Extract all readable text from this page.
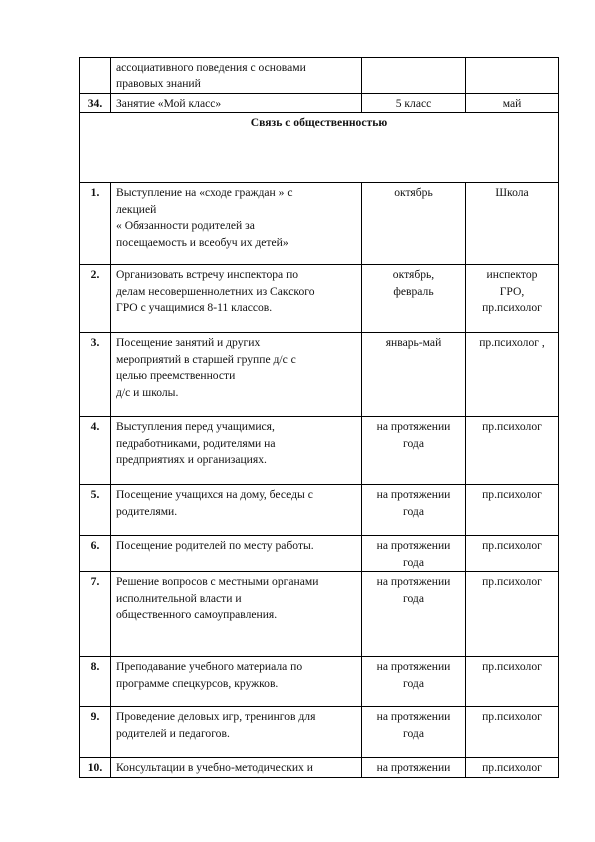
	ассоциативного поведения с основами
правовых знаний		

34.	Занятие «Мой класс»	5 класс	май

Связь с общественностью			
1.	Выступление на «сходе граждан » с
лекцией
« Обязанности родителей за
посещаемость и всеобуч их детей»	октябрь	Школа

2.	Организовать встречу инспектора по
делам несовершеннолетних из Сакского
ГРО с учащимися 8-11 классов.	октябрь,
февраль	инспектор
ГРО,
пр.психолог

3.	Посещение занятий и других
мероприятий в старшей группе д/с с
целью преемственности
д/с и школы.	январь-май	пр.психолог ,

4.	Выступления перед учащимися,
педработниками, родителями на
предприятиях и организациях.	на протяжении
года	пр.психолог

5.	Посещение учащихся на дому, беседы с
родителями.	на протяжении
года	пр.психолог

6.	Посещение родителей по месту работы.	на протяжении
года	пр.психолог

7.	Решение вопросов с местными органами
исполнительной власти и
общественного самоуправления.	на протяжении
года	пр.психолог

8.	Преподавание учебного материала по
программе спецкурсов, кружков.	на протяжении
года	пр.психолог

9.	Проведение деловых игр, тренингов для
родителей и педагогов.	на протяжении
года	пр.психолог

10.	Консультации в учебно-методических и	на протяжении	пр.психолог
